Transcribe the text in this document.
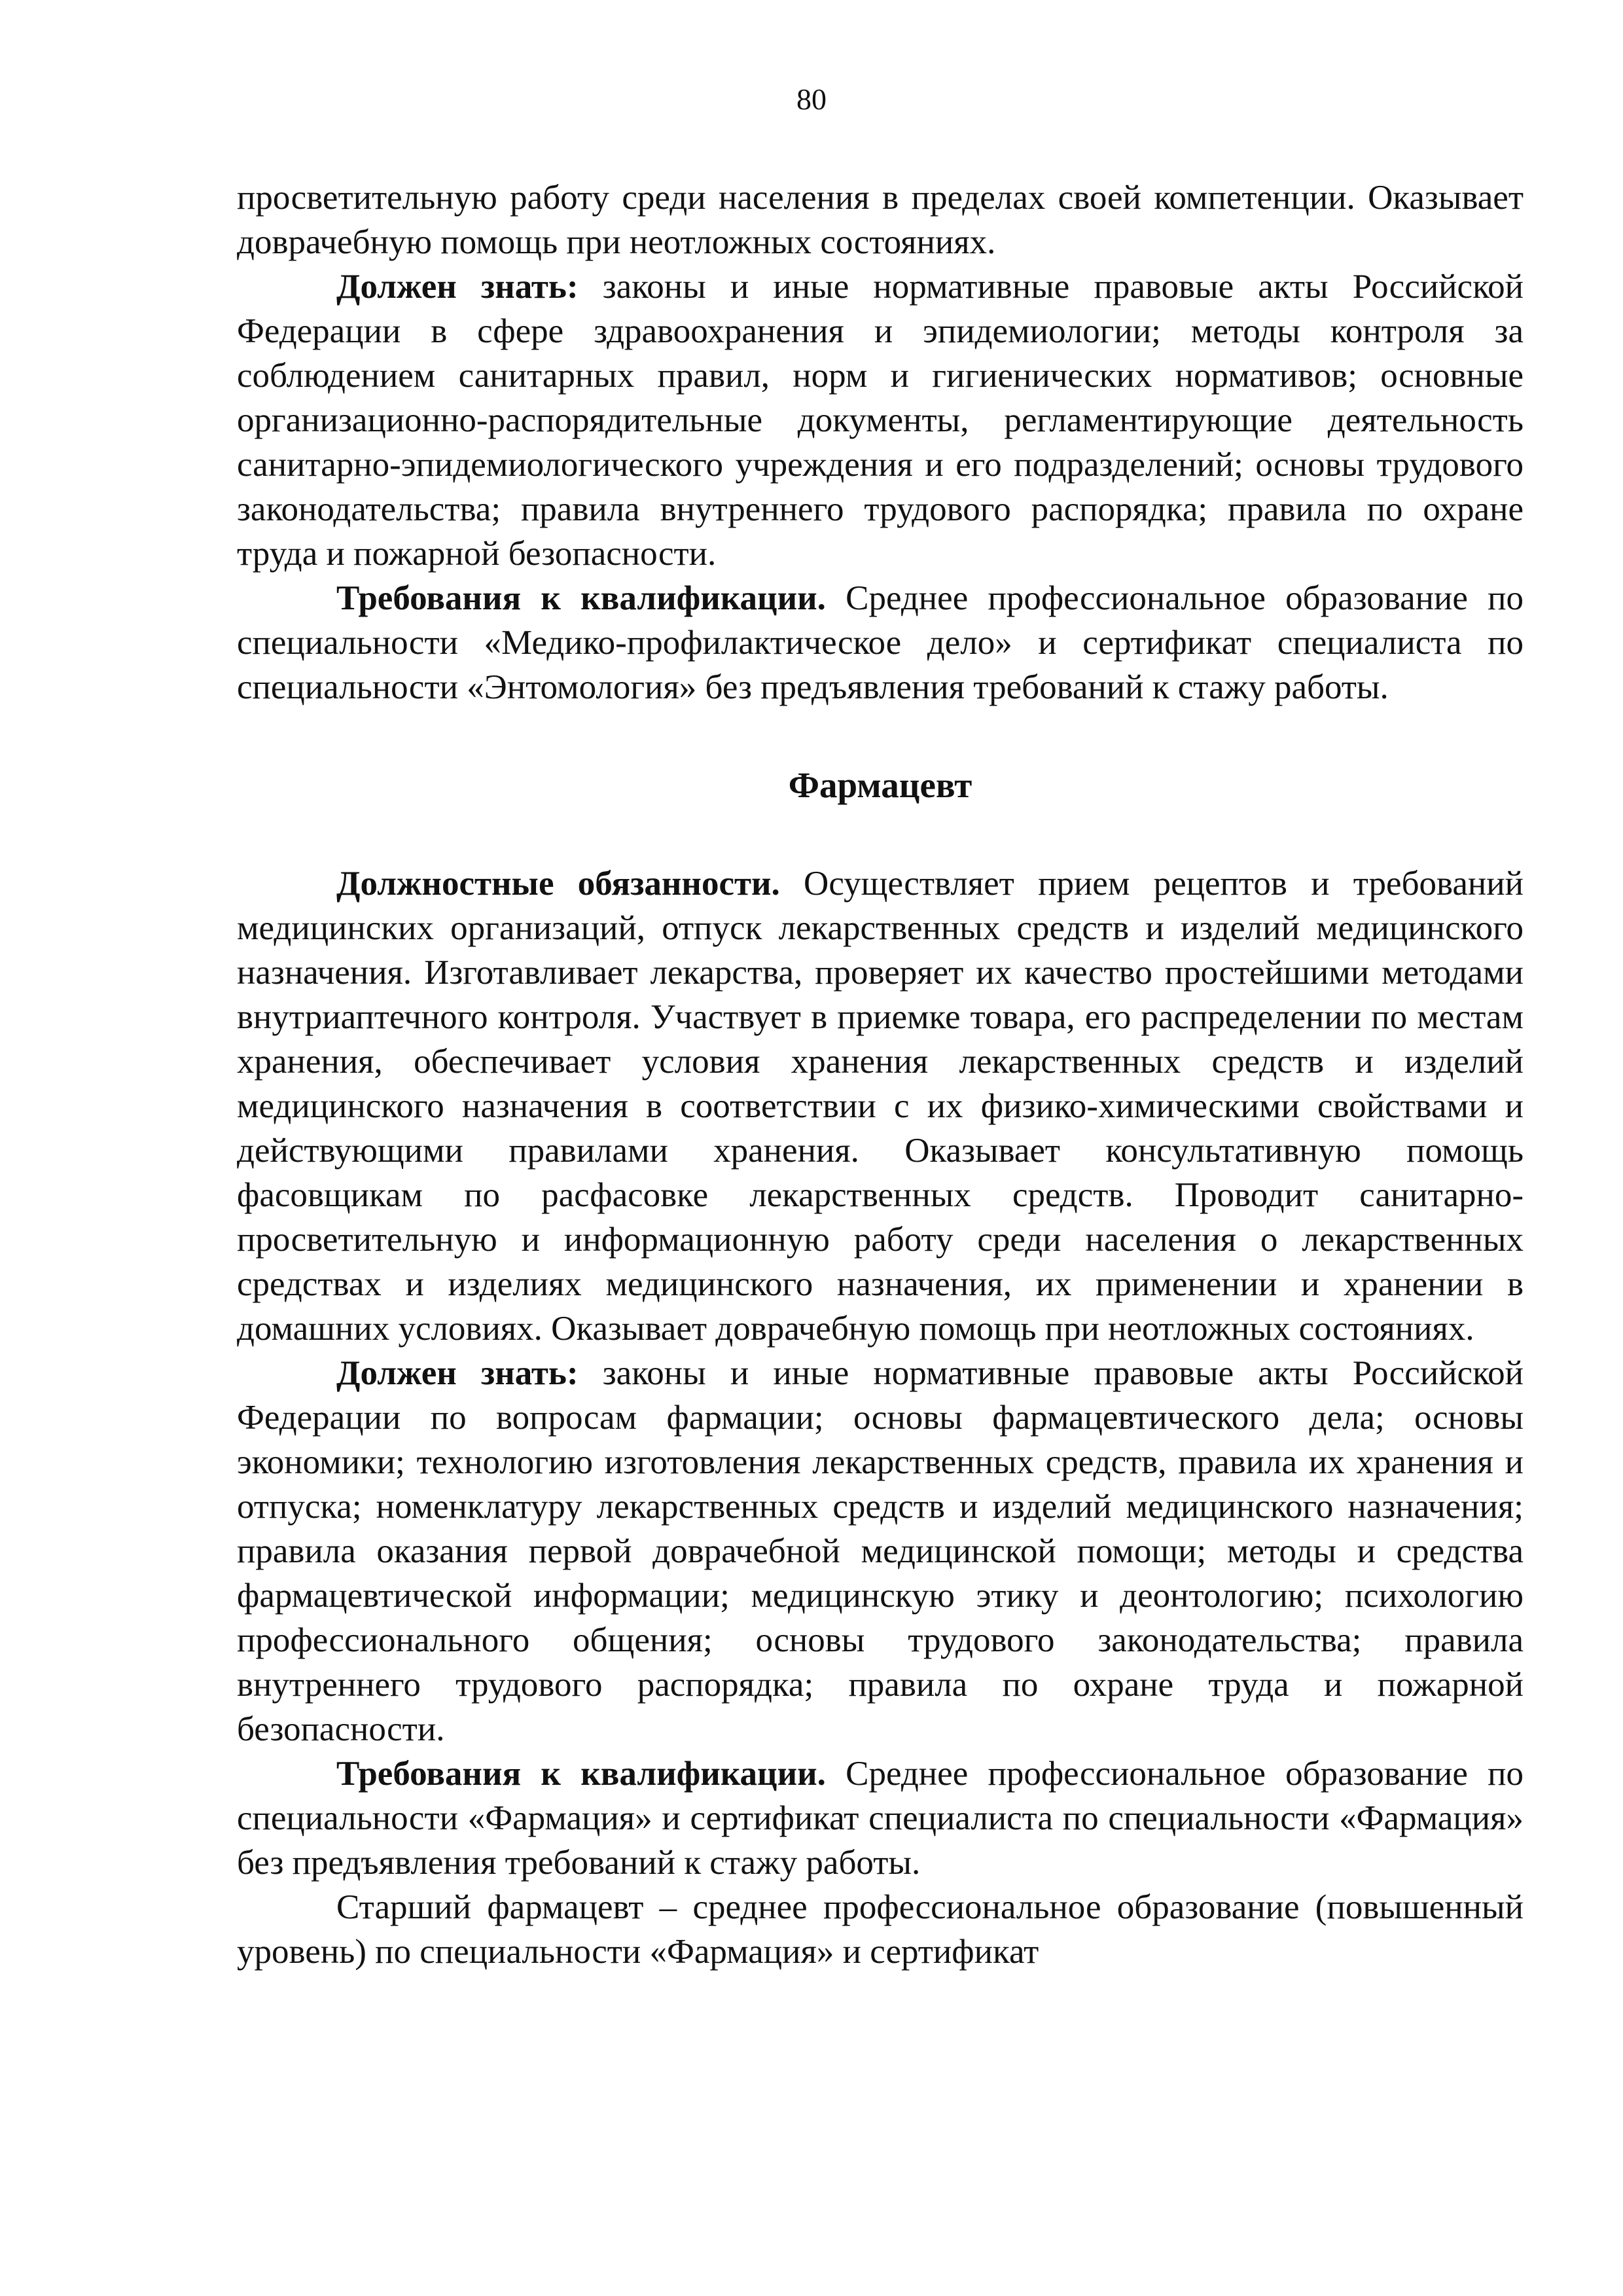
80

просветительную работу среди населения в пределах своей компетенции. Оказывает доврачебную помощь при неотложных состояниях.

Должен знать: законы и иные нормативные правовые акты Российской Федерации в сфере здравоохранения и эпидемиологии; методы контроля за соблюдением санитарных правил, норм и гигиенических нормативов; основные организационно-распорядительные документы, регламентирующие деятельность санитарно-эпидемиологического учреждения и его подразделений; основы трудового законодательства; правила внутреннего трудового распорядка; правила по охране труда и пожарной безопасности.

Требования к квалификации. Среднее профессиональное образование по специальности «Медико-профилактическое дело» и сертификат специалиста по специальности «Энтомология» без предъявления требований к стажу работы.

Фармацевт

Должностные обязанности. Осуществляет прием рецептов и требований медицинских организаций, отпуск лекарственных средств и изделий медицинского назначения. Изготавливает лекарства, проверяет их качество простейшими методами внутриаптечного контроля. Участвует в приемке товара, его распределении по местам хранения, обеспечивает условия хранения лекарственных средств и изделий медицинского назначения в соответствии с их физико-химическими свойствами и действующими правилами хранения. Оказывает консультативную помощь фасовщикам по расфасовке лекарственных средств. Проводит санитарно-просветительную и информационную работу среди населения о лекарственных средствах и изделиях медицинского назначения, их применении и хранении в домашних условиях. Оказывает доврачебную помощь при неотложных состояниях.

Должен знать: законы и иные нормативные правовые акты Российской Федерации по вопросам фармации; основы фармацевтического дела; основы экономики; технологию изготовления лекарственных средств, правила их хранения и отпуска; номенклатуру лекарственных средств и изделий медицинского назначения; правила оказания первой доврачебной медицинской помощи; методы и средства фармацевтической информации; медицинскую этику и деонтологию; психологию профессионального общения; основы трудового законодательства; правила внутреннего трудового распорядка; правила по охране труда и пожарной безопасности.

Требования к квалификации. Среднее профессиональное образование по специальности «Фармация» и сертификат специалиста по специальности «Фармация» без предъявления требований к стажу работы.

Старший фармацевт – среднее профессиональное образование (повышенный уровень) по специальности «Фармация» и сертификат
